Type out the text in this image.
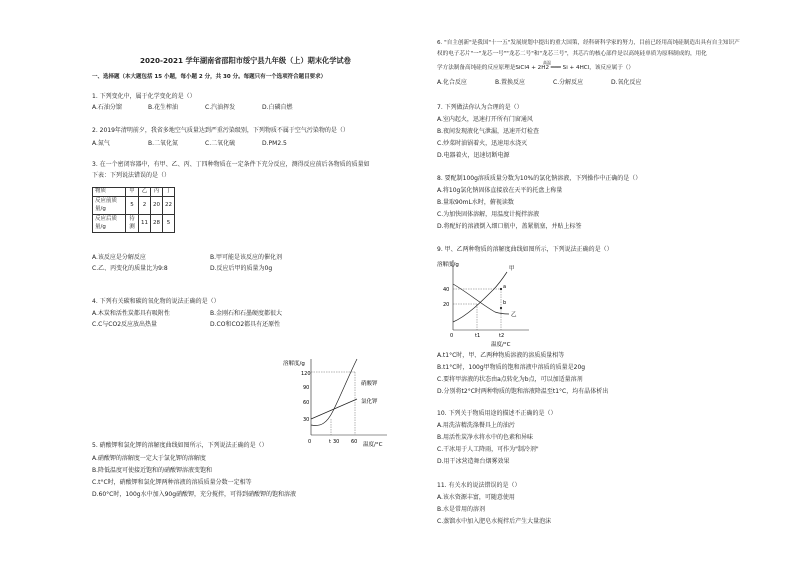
2020-2021 学年湖南省邵阳市绥宁县九年级（上）期末化学试卷
一、选择题（本大题包括 15 小题，每小题 2 分，共 30 分。每题只有一个选项符合题目要求）
1. 下列变化中，属于化学变化的是（）
A.石油分馏	B.花生榨油	C.汽油挥发	D.白磷自燃
2. 2019年清明前夕，我省多地空气质量达到严重污染级别，下列物质不属于空气污染物的是（）
A.氮气	B.二氧化氮	C.二氧化硫	D.PM2.5
3. 在一个密闭容器中，有甲、乙、丙、丁四种物质在一定条件下充分反应，测得反应前后各物质的质量如
下表：下列说法错误的是（）
物质	甲	乙	丙	丁
反应前质量/g	5	2	20	22
反应后质量/g	待测	11	28	5
A.该反应是分解反应	B.甲可能是该反应的催化剂
C.乙、丙变化的质量比为9:8	D.反应后甲的质量为0g
4. 下列有关碳和碳的氧化物的说法正确的是（）
A.木炭和活性炭都具有吸附性	B.金刚石和石墨硬度都很大
C.C与CO2反应放出热量	D.CO和CO2都具有还原性
溶解度/g
120
90
60
30
0	t 30 60
硝酸钾
氯化钾
温度/°C
5. 硝酸钾和氯化钾的溶解度曲线如图所示，下列说法正确的是（）
A.硝酸钾的溶解度一定大于氯化钾的溶解度
B.降低温度可使接近饱和的硝酸钾溶液变饱和
C.t°C时，硝酸钾和氯化钾两种溶液的溶质质量分数一定相等
D.60°C时，100g水中加入90g硝酸钾，充分搅拌，可得到硝酸钾的饱和溶液
6. "自主创新"是我国"十一五"发展规划中提出的重大国策，经科研科学家的努力，目前已经用高纯硅制造出具有自主知识产
权的电子芯片"一"龙芯一号""龙芯二号"和"龙芯三号"，其芯片的核心部件是以高纯硅单质为原料制成的，用化
高温
学方法制备高纯硅的反应原理是SiCl4 + 2H2 ═══ Si + 4HCl，该反应属于（）
A.化合反应	B.置换反应	C.分解反应	D.氧化反应
7. 下列做法你认为合理的是（）
A.室内起火，迅速打开所有门窗通风
B.夜间发现液化气泄漏，迅速开灯检查
C.炒菜时油锅着火，迅速用水浇灭
D.电器着火，迅速切断电源
8. 要配制100g溶质质量分数为10%的氯化钠溶液，下列操作中正确的是（）
A.将10g氯化钠固体直接放在天平的托盘上称量
B.量取90mL水时，俯视读数
C.为加快固体溶解，用温度计搅拌溶液
D.将配好的溶液倒入细口瓶中，盖紧瓶塞，并贴上标签
9. 甲、乙两种物质的溶解度曲线如图所示，下列说法正确的是（）
溶解度/g
40
20
0	t1	t2
a
b
甲
乙
温度/°C
A.t1°C时，甲、乙两种物质溶液的溶质质量相等
B.t1°C时，100g甲物质的饱和溶液中溶质的质量是20g
C.要将甲溶液的状态由a点转化为b点，可以加适量溶剂
D.分别将t2°C时两种物质的饱和溶液降温至t1°C，均有晶体析出
10. 下列关于物质用途的描述不正确的是（）
A.用洗洁精洗涤餐具上的油污
B.用活性炭净水将水中的色素和异味
C.干冰用于人工降雨，可作为"制冷剂"
D.用干冰营造舞台烟雾效果
11. 有关水的说法错误的是（）
A.该水资源丰富，可随意使用
B.水是常用的溶剂
C.蒸馏水中加入肥皂水搅拌后产生大量泡沫
